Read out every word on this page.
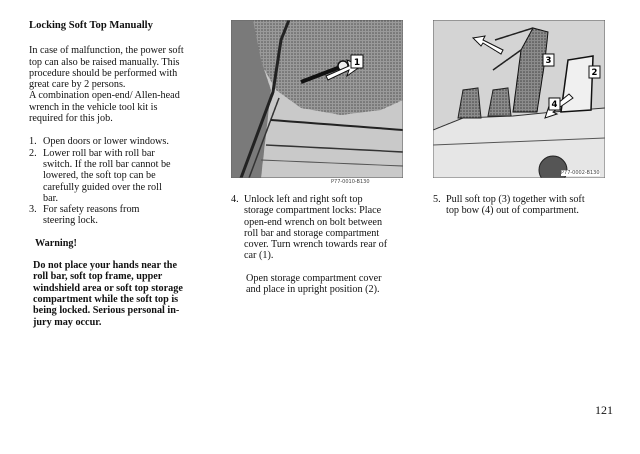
Locking Soft Top Manually
In case of malfunction, the power soft
top can also be raised manually. This
procedure should be performed with
great care by 2 persons.
A combination open-end/ Allen-head
wrench in the vehicle tool kit is
required for this job.
1. Open doors or lower windows.
2. Lower roll bar with roll bar
switch. If the roll bar cannot be
lowered, the soft top can be
carefully guided over the roll
bar.
3. For safety reasons from
steering lock.
Warning!
Do not place your hands near the
roll bar, soft top frame, upper
windshield area or soft top storage
compartment while the soft top is
being locked. Serious personal in-
jury may occur.
1
P77-0010-B130
2
3
4
P77-0002-B130
4. Unlock left and right soft top
storage compartment locks: Place
open-end wrench on bolt between
roll bar and storage compartment
cover. Turn wrench towards rear of
car (1).
Open storage compartment cover
and place in upright position (2).
5. Pull soft top (3) together with soft
top bow (4) out of compartment.
121
